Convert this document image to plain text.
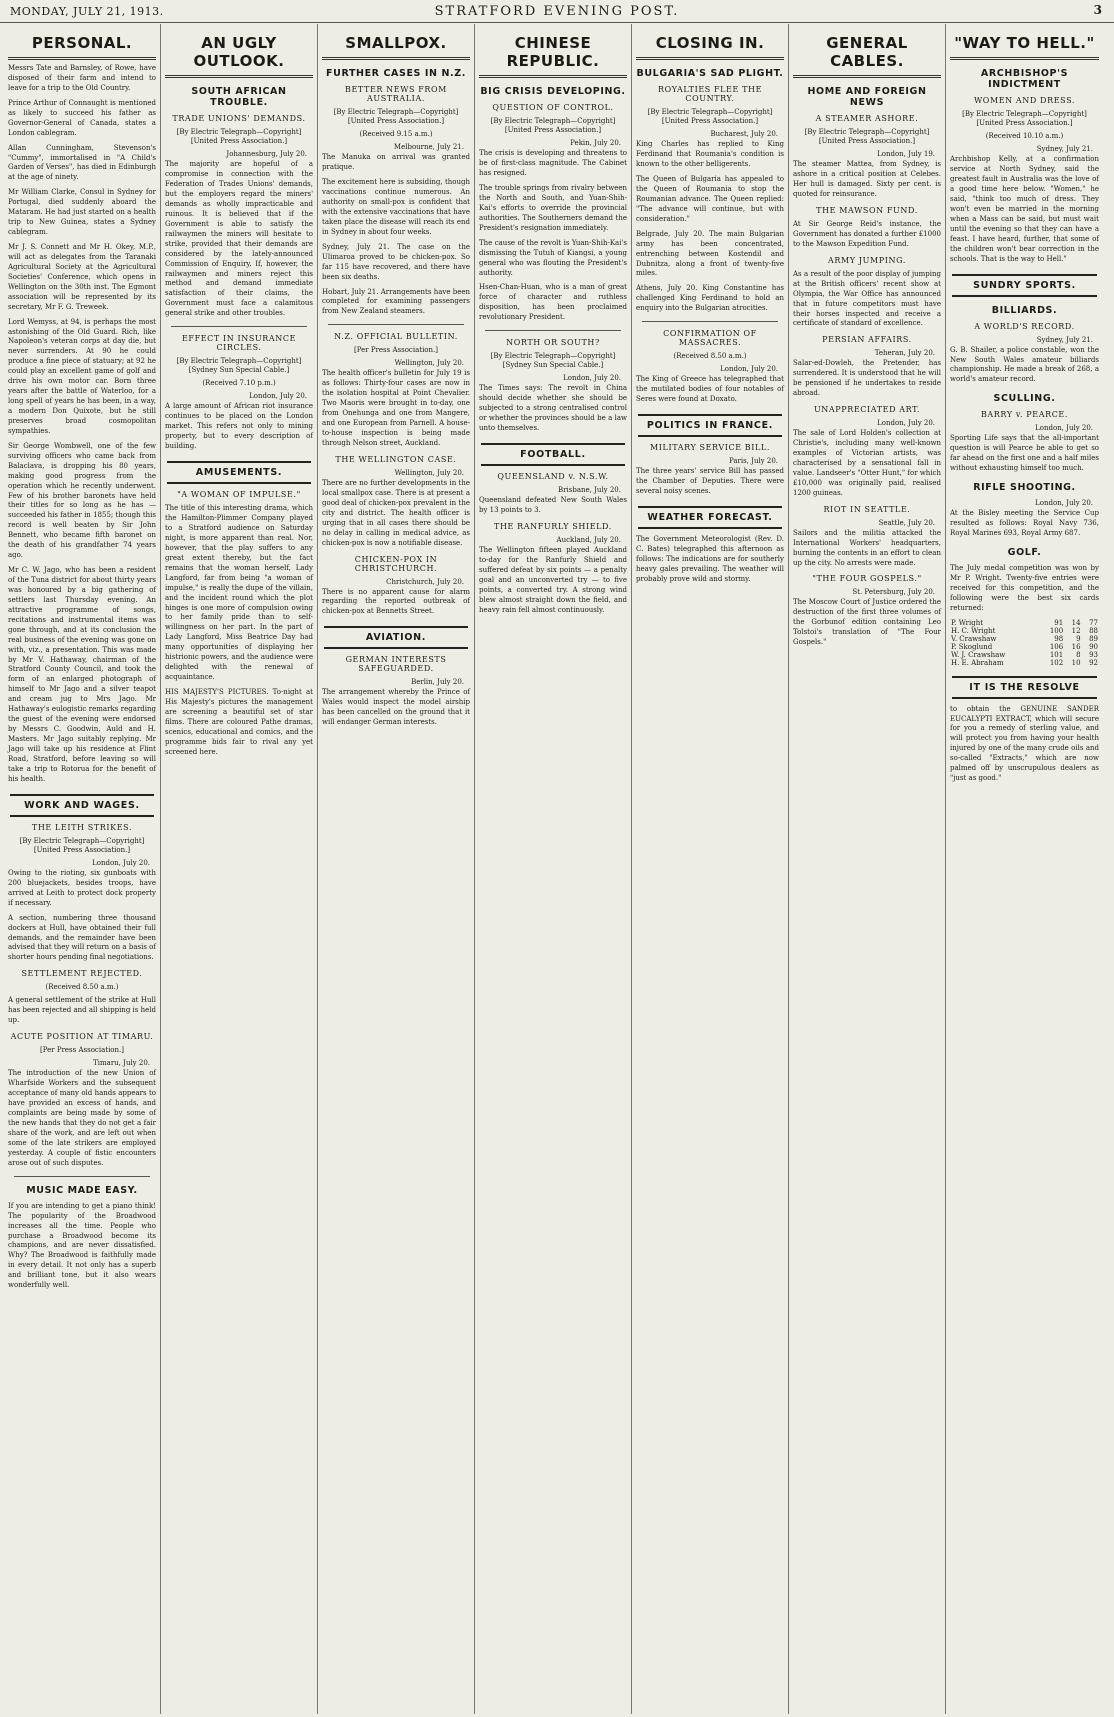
MONDAY, JULY 21, 1913.	STRATFORD EVENING POST.	3
PERSONAL.

Messrs Tate and Barnsley, of Rowe, have disposed of their farm and intend to leave for a trip to the Old Country.

Prince Arthur of Connaught is mentioned as likely to succeed his father as Governor-General of Canada, states a London cablegram.

Allan Cunningham, Stevenson's "Cummy", immortalised in "A Child's Garden of Verses", has died in Edinburgh at the age of ninety.

Mr William Clarke, Consul in Sydney for Portugal, died suddenly aboard the Mataram. He had just started on a health trip to New Guinea, states a Sydney cablegram.

Mr J. S. Connett and Mr H. Okey, M.P., will act as delegates from the Taranaki Agricultural Society at the Agricultural Societies' Conference, which opens in Wellington on the 30th inst. The Egmont association will be represented by its secretary, Mr F. G. Treweek.

Lord Wemyss, at 94, is perhaps the most astonishing of the Old Guard. Rich, like Napoleon's veteran corps at day die, but never surrenders. At 90 he could produce a fine piece of statuary; at 92 he could play an excellent game of golf and drive his own motor car. Born three years after the battle of Waterloo, for a long spell of years he has been, in a way, a modern Don Quixote, but he still preserves broad cosmopolitan sympathies.

Sir George Wombwell, one of the few surviving officers who came back from Balaclava, is dropping his 80 years, making good progress from the operation which he recently underwent. Few of his brother baronets have held their titles for so long as he has — succeeded his father in 1855; though this record is well beaten by Sir John Bennett, who became fifth baronet on the death of his grandfather 74 years ago.

Mr C. W. Jago, who has been a resident of the Tuna district for about thirty years was honoured by a big gathering of settlers last Thursday evening. An attractive programme of songs, recitations and instrumental items was gone through, and at its conclusion the real business of the evening was gone on with, viz., a presentation. This was made by Mr V. Hathaway, chairman of the Stratford County Council, and took the form of an enlarged photograph of himself to Mr Jago and a silver teapot and cream jug to Mrs Jago. Mr Hathaway's eulogistic remarks regarding the guest of the evening were endorsed by Messrs C. Goodwin, Auld and H. Masters. Mr Jago suitably replying. Mr Jago will take up his residence at Flint Road, Stratford, before leaving so will take a trip to Rotorua for the benefit of his health.

WORK AND WAGES.
THE LEITH STRIKES.
[By Electric Telegraph—Copyright] [United Press Association.]
London, July 20.

Owing to the rioting, six gunboats with 200 bluejackets, besides troops, have arrived at Leith to protect dock property if necessary.

A section, numbering three thousand dockers at Hull, have obtained their full demands, and the remainder have been advised that they will return on a basis of shorter hours pending final negotiations.

SETTLEMENT REJECTED.
(Received 8.50 a.m.)

A general settlement of the strike at Hull has been rejected and all shipping is held up.

ACUTE POSITION AT TIMARU.
[Per Press Association.]
Timaru, July 20.

The introduction of the new Union of Wharfside Workers and the subsequent acceptance of many old hands appears to have provided an excess of hands, and complaints are being made by some of the new hands that they do not get a fair share of the work, and are left out when some of the late strikers are employed yesterday. A couple of fistic encounters arose out of such disputes.

MUSIC MADE EASY.

If you are intending to get a piano think! The popularity of the Broadwood increases all the time. People who purchase a Broadwood become its champions, and are never dissatisfied. Why? The Broadwood is faithfully made in every detail. It not only has a superb and brilliant tone, but it also wears wonderfully well.

AN UGLY OUTLOOK.
SOUTH AFRICAN TROUBLE.
TRADE UNIONS' DEMANDS.
[By Electric Telegraph—Copyright] [United Press Association.]
Johannesburg, July 20.

The majority are hopeful of a compromise in connection with the Federation of Trades Unions' demands, but the employers regard the miners' demands as wholly impracticable and ruinous. It is believed that if the Government is able to satisfy the railwaymen the miners will hesitate to strike, provided that their demands are considered by the lately-announced Commission of Enquiry. If, however, the railwaymen and miners reject this method and demand immediate satisfaction of their claims, the Government must face a calamitous general strike and other troubles.

EFFECT IN INSURANCE CIRCLES.
[By Electric Telegraph—Copyright] [Sydney Sun Special Cable.]
(Received 7.10 p.m.)
London, July 20.

A large amount of African riot insurance continues to be placed on the London market. This refers not only to mining property, but to every description of building.

AMUSEMENTS.
"A WOMAN OF IMPULSE."

The title of this interesting drama, which the Hamilton-Plimmer Company played to a Stratford audience on Saturday night, is more apparent than real. Nor, however, that the play suffers to any great extent thereby, but the fact remains that the woman herself, Lady Langford, far from being "a woman of impulse," is really the dupe of the villain, and the incident round which the plot hinges is one more of compulsion owing to her family pride than to self-willingness on her part. In the part of Lady Langford, Miss Beatrice Day had many opportunities of displaying her histrionic powers, and the audience were delighted with the renewal of acquaintance.

HIS MAJESTY'S PICTURES. To-night at His Majesty's pictures the management are screening a beautiful set of star films. There are coloured Pathe dramas, scenics, educational and comics, and the programme bids fair to rival any yet screened here.

SMALLPOX.
FURTHER CASES IN N.Z.
BETTER NEWS FROM AUSTRALIA.
[By Electric Telegraph—Copyright] [United Press Association.]
(Received 9.15 a.m.)
Melbourne, July 21.

The Manuka on arrival was granted pratique.

The excitement here is subsiding, though vaccinations continue numerous. An authority on small-pox is confident that with the extensive vaccinations that have taken place the disease will reach its end in Sydney in about four weeks.

Sydney, July 21. The case on the Ulimaroa proved to be chicken-pox. So far 115 have recovered, and there have been six deaths.

Hobart, July 21. Arrangements have been completed for examining passengers from New Zealand steamers.

N.Z. OFFICIAL BULLETIN.
[Per Press Association.]
Wellington, July 20.

The health officer's bulletin for July 19 is as follows: Thirty-four cases are now in the isolation hospital at Point Chevalier. Two Maoris were brought in to-day, one from Onehunga and one from Mangere, and one European from Parnell. A house-to-house inspection is being made through Nelson street, Auckland.

THE WELLINGTON CASE.
Wellington, July 20.

There are no further developments in the local smallpox case. There is at present a good deal of chicken-pox prevalent in the city and district. The health officer is urging that in all cases there should be no delay in calling in medical advice, as chicken-pox is now a notifiable disease.

CHICKEN-POX IN CHRISTCHURCH.
Christchurch, July 20.

There is no apparent cause for alarm regarding the reported outbreak of chicken-pox at Bennetts Street.

AVIATION.
GERMAN INTERESTS SAFEGUARDED.
Berlin, July 20.

The arrangement whereby the Prince of Wales would inspect the model airship has been cancelled on the ground that it will endanger German interests.

CHINESE REPUBLIC.
BIG CRISIS DEVELOPING.
QUESTION OF CONTROL.
[By Electric Telegraph—Copyright] [United Press Association.]
Pekin, July 20.

The crisis is developing and threatens to be of first-class magnitude. The Cabinet has resigned.

The trouble springs from rivalry between the North and South, and Yuan-Shih-Kai's efforts to override the provincial authorities. The Southerners demand the President's resignation immediately.

The cause of the revolt is Yuan-Shih-Kai's dismissing the Tutuh of Kiangsi, a young general who was flouting the President's authority.

Hsen-Chan-Huan, who is a man of great force of character and ruthless disposition, has been proclaimed revolutionary President.

NORTH OR SOUTH?
[By Electric Telegraph—Copyright] [Sydney Sun Special Cable.]
London, July 20.

The Times says: The revolt in China should decide whether she should be subjected to a strong centralised control or whether the provinces should be a law unto themselves.

FOOTBALL.
QUEENSLAND v. N.S.W.
Brisbane, July 20.

Queensland defeated New South Wales by 13 points to 3.

THE RANFURLY SHIELD.
Auckland, July 20.

The Wellington fifteen played Auckland to-day for the Ranfurly Shield and suffered defeat by six points — a penalty goal and an unconverted try — to five points, a converted try. A strong wind blew almost straight down the field, and heavy rain fell almost continuously.

CLOSING IN.
BULGARIA'S SAD PLIGHT.
ROYALTIES FLEE THE COUNTRY.
[By Electric Telegraph—Copyright] [United Press Association.]
Bucharest, July 20.

King Charles has replied to King Ferdinand that Roumania's condition is known to the other belligerents.

The Queen of Bulgaria has appealed to the Queen of Roumania to stop the Roumanian advance. The Queen replied: "The advance will continue, but with consideration."

Belgrade, July 20. The main Bulgarian army has been concentrated, entrenching between Kostendil and Dubnitza, along a front of twenty-five miles.

Athens, July 20. King Constantine has challenged King Ferdinand to hold an enquiry into the Bulgarian atrocities.

CONFIRMATION OF MASSACRES.
(Received 8.50 a.m.)
London, July 20.

The King of Greece has telegraphed that the mutilated bodies of four notables of Seres were found at Doxato.

POLITICS IN FRANCE.
MILITARY SERVICE BILL.
Paris, July 20.

The three years' service Bill has passed the Chamber of Deputies. There were several noisy scenes.

WEATHER FORECAST.

The Government Meteorologist (Rev. D. C. Bates) telegraphed this afternoon as follows: The indications are for southerly heavy gales prevailing. The weather will probably prove wild and stormy.

GENERAL CABLES.
HOME AND FOREIGN NEWS
A STEAMER ASHORE.
[By Electric Telegraph—Copyright] [United Press Association.]
London, July 19.

The steamer Mattea, from Sydney, is ashore in a critical position at Celebes. Her hull is damaged. Sixty per cent. is quoted for reinsurance.

THE MAWSON FUND.

At Sir George Reid's instance, the Government has donated a further £1000 to the Mawson Expedition Fund.

ARMY JUMPING.

As a result of the poor display of jumping at the British officers' recent show at Olympia, the War Office has announced that in future competitors must have their horses inspected and receive a certificate of standard of excellence.

PERSIAN AFFAIRS.
Teheran, July 20.

Salar-ed-Dowleh, the Pretender, has surrendered. It is understood that he will be pensioned if he undertakes to reside abroad.

UNAPPRECIATED ART.
London, July 20.

The sale of Lord Holden's collection at Christie's, including many well-known examples of Victorian artists, was characterised by a sensational fall in value. Landseer's "Otter Hunt," for which £10,000 was originally paid, realised 1200 guineas.

RIOT IN SEATTLE.
Seattle, July 20.

Sailors and the militia attacked the International Workers' headquarters, burning the contents in an effort to clean up the city. No arrests were made.

"THE FOUR GOSPELS."
St. Petersburg, July 20.

The Moscow Court of Justice ordered the destruction of the first three volumes of the Gorbunof edition containing Leo Tolstoi's translation of "The Four Gospels."

"WAY TO HELL."
ARCHBISHOP'S INDICTMENT
WOMEN AND DRESS.
[By Electric Telegraph—Copyright] [United Press Association.]
(Received 10.10 a.m.)
Sydney, July 21.

Archbishop Kelly, at a confirmation service at North Sydney, said the greatest fault in Australia was the love of a good time here below. "Women," he said, "think too much of dress. They won't even be married in the morning when a Mass can be said, but must wait until the evening so that they can have a feast. I have heard, further, that some of the children won't bear correction in the schools. That is the way to Hell."

SUNDRY SPORTS.
BILLIARDS.
A WORLD'S RECORD.
Sydney, July 21.

G. B. Shailer, a police constable, won the New South Wales amateur billiards championship. He made a break of 268, a world's amateur record.

SCULLING.
BARRY v. PEARCE.
London, July 20.

Sporting Life says that the all-important question is will Pearce be able to get so far ahead on the first one and a half miles without exhausting himself too much.

RIFLE SHOOTING.
London, July 20.

At the Bisley meeting the Service Cup resulted as follows: Royal Navy 736, Royal Marines 693, Royal Army 687.

GOLF.

The July medal competition was won by Mr P. Wright. Twenty-five entries were received for this competition, and the following were the best six cards returned:

P. Wright	91	14	77
H. C. Wright	100	12	88
V. Crawshaw	98	9	89
P. Skoglund	106	16	90
W. J. Crawshaw	101	8	93
H. E. Abraham	102	10	92
IT IS THE RESOLVE

to obtain the GENUINE SANDER EUCALYPTI EXTRACT, which will secure for you a remedy of sterling value, and will protect you from having your health injured by one of the many crude oils and so-called "Extracts," which are now palmed off by unscrupulous dealers as "just as good."
